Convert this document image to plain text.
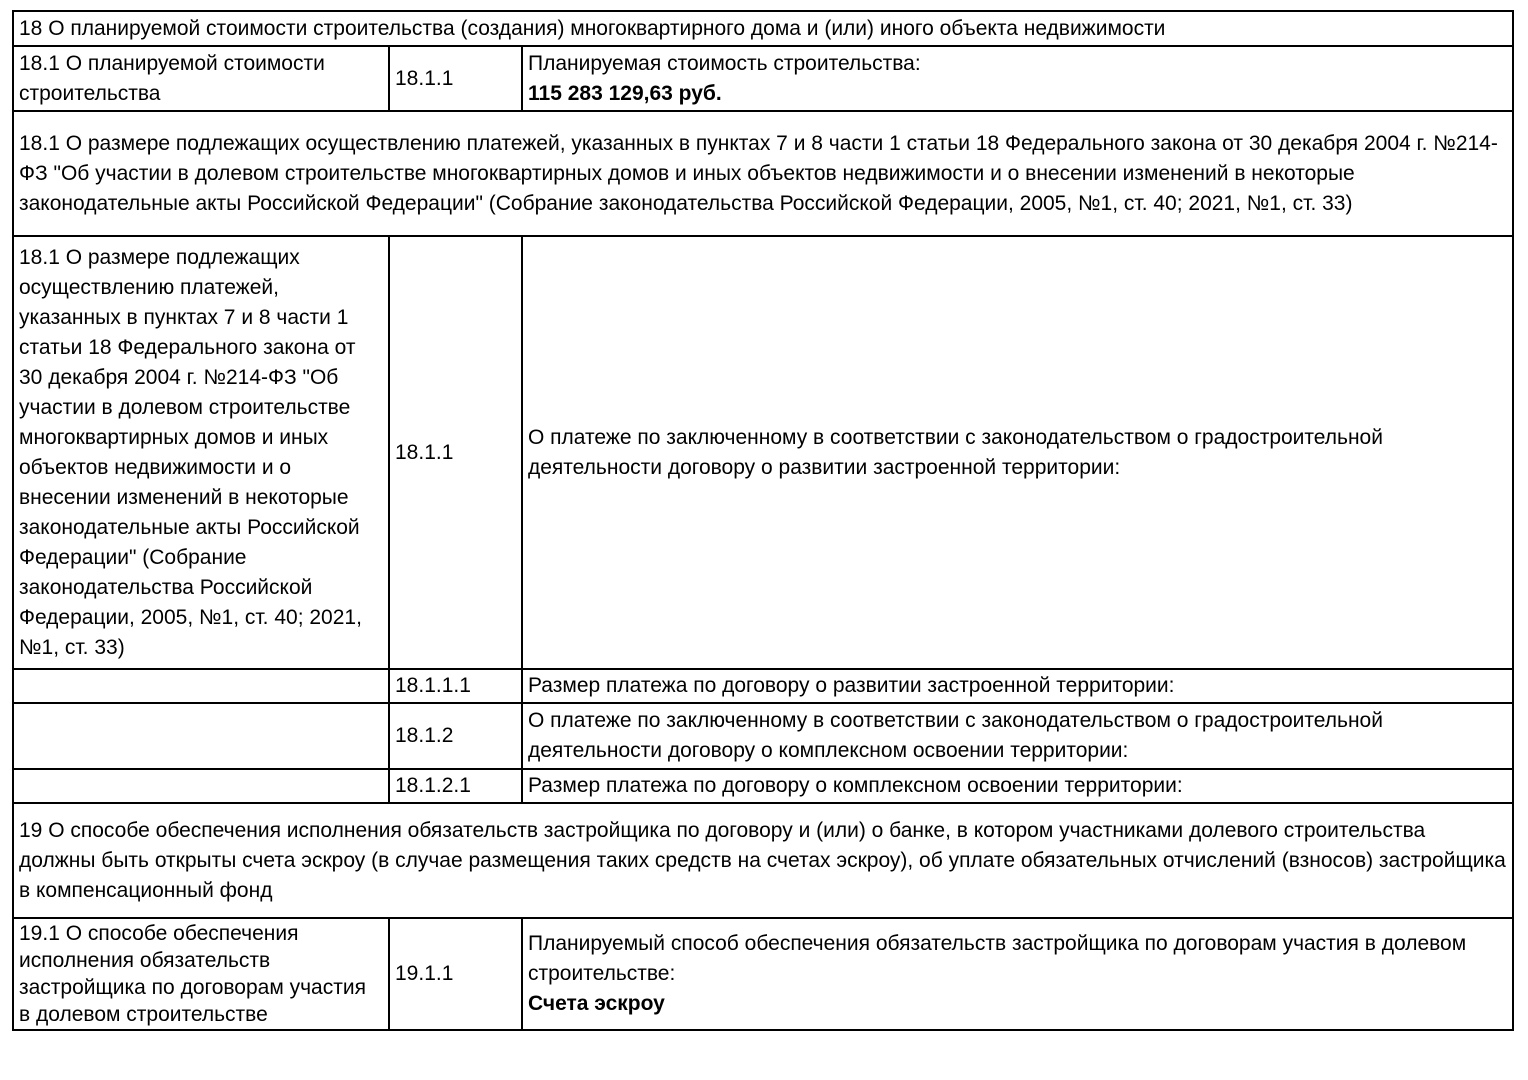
18 О планируемой стоимости строительства (создания) многоквартирного дома и (или) иного объекта недвижимости		
18.1 О планируемой стоимости строительства	18.1.1	Планируемая стоимость строительства:
115 283 129,63 руб.

18.1 О размере подлежащих осуществлению платежей, указанных в пунктах 7 и 8 части 1 статьи 18 Федерального закона от 30 декабря 2004 г. №214-ФЗ "Об участии в долевом строительстве многоквартирных домов и иных объектов недвижимости и о внесении изменений в некоторые законодательные акты Российской Федерации" (Собрание законодательства Российской Федерации, 2005, №1, ст. 40; 2021, №1, ст. 33)		
18.1 О размере подлежащих осуществлению платежей, указанных в пунктах 7 и 8 части 1 статьи 18 Федерального закона от 30 декабря 2004 г. №214-ФЗ "Об участии в долевом строительстве многоквартирных домов и иных объектов недвижимости и о внесении изменений в некоторые законодательные акты Российской Федерации" (Собрание законодательства Российской Федерации, 2005, №1, ст. 40; 2021, №1, ст. 33)	18.1.1	О платеже по заключенному в соответствии с законодательством о градостроительной деятельности договору о развитии застроенной территории:

	18.1.1.1	Размер платежа по договору о развитии застроенной территории:

	18.1.2	О платеже по заключенному в соответствии с законодательством о градостроительной деятельности договору о комплексном освоении территории:

	18.1.2.1	Размер платежа по договору о комплексном освоении территории:

19 О способе обеспечения исполнения обязательств застройщика по договору и (или) о банке, в котором участниками долевого строительства должны быть открыты счета эскроу (в случае размещения таких средств на счетах эскроу), об уплате обязательных отчислений (взносов) застройщика в компенсационный фонд		
19.1 О способе обеспечения исполнения обязательств застройщика по договорам участия в долевом строительстве	19.1.1	Планируемый способ обеспечения обязательств застройщика по договорам участия в долевом строительстве:
Счета эскроу
